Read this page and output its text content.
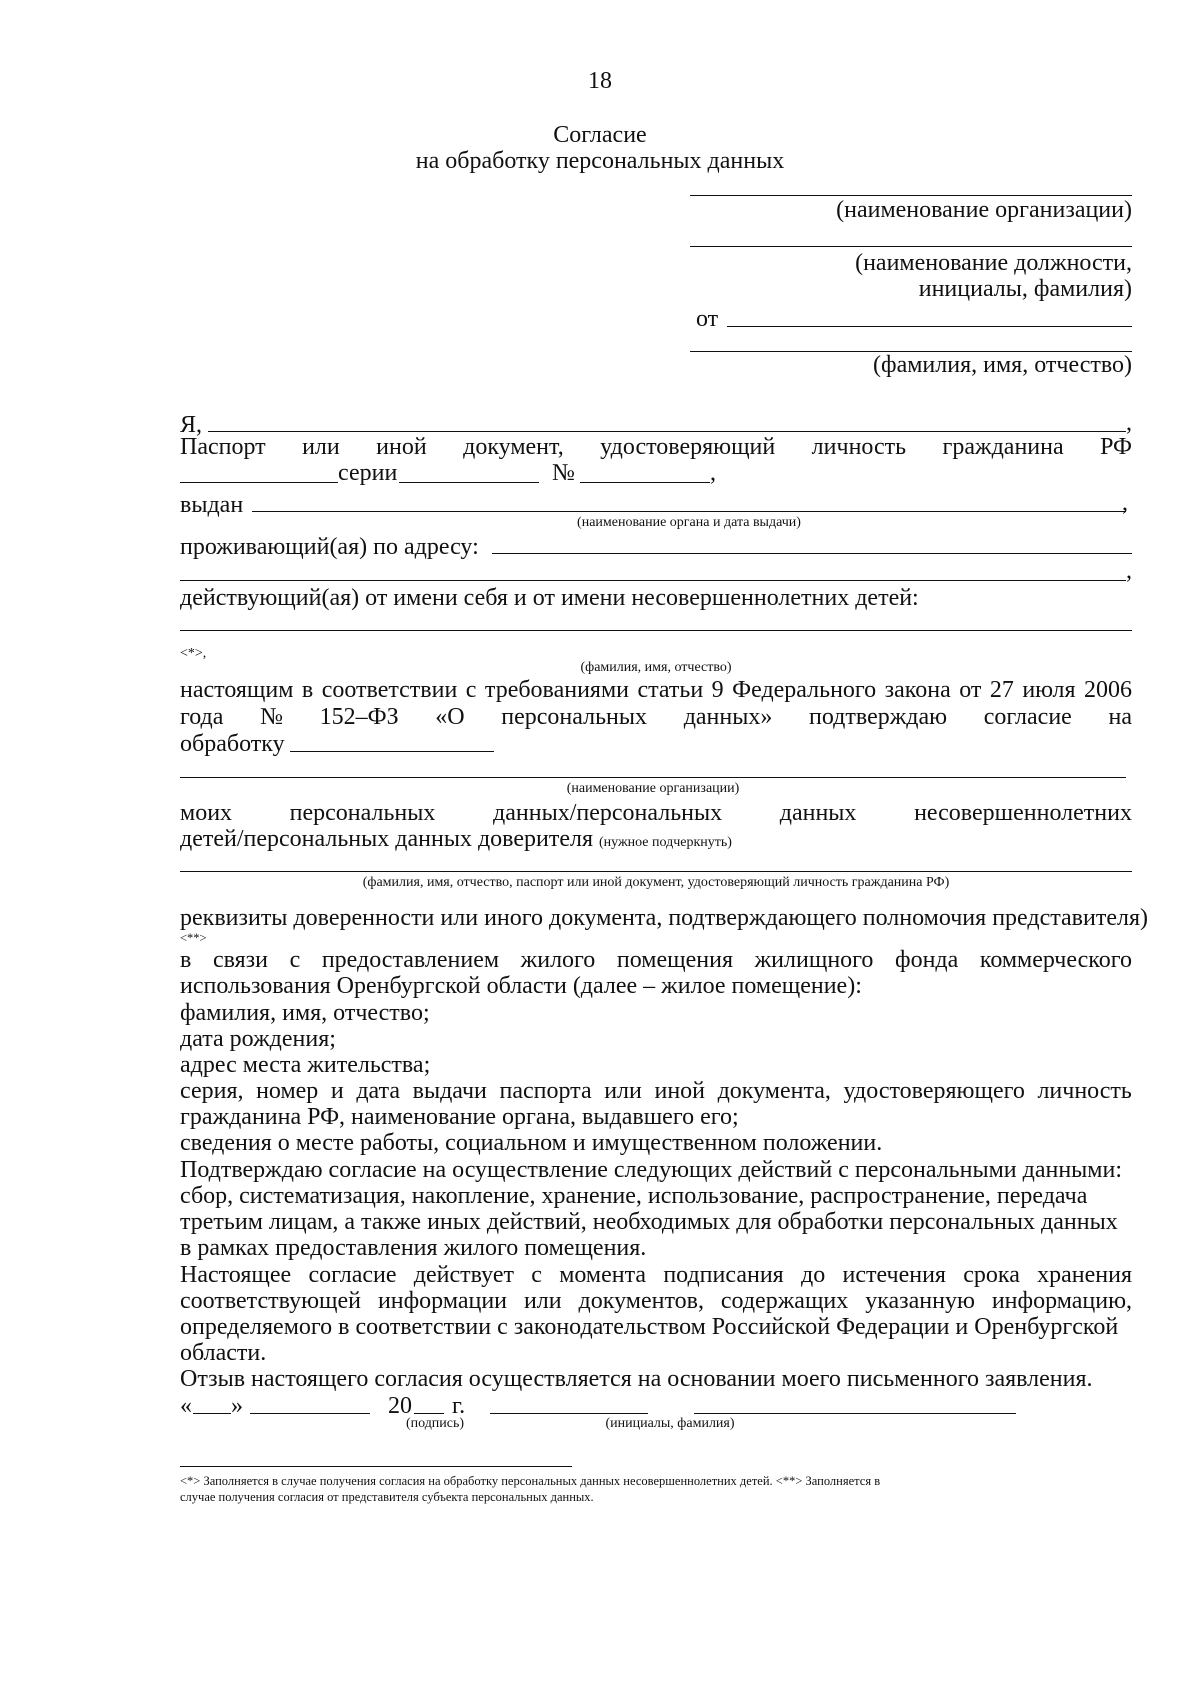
18
Согласие
на обработку персональных данных
(наименование организации)
(наименование должности,
инициалы, фамилия)
от
(фамилия, имя, отчество)
Я,	,
Паспорт или иной документ, удостоверяющий личность гражданина РФ
серии	№	,
выдан	,
(наименование органа и дата выдачи)
проживающий(ая) по адресу:
,
действующий(ая) от имени себя и от имени несовершеннолетних детей:
<*>,
(фамилия, имя, отчество)
настоящим в соответствии с требованиями статьи 9 Федерального закона от 27 июля 2006
года № 152–ФЗ «О персональных данных» подтверждаю согласие на
обработку
(наименование организации)
моих персональных данных/персональных данных несовершеннолетних
детей/персональных данных доверителя (нужное подчеркнуть)
(фамилия, имя, отчество, паспорт или иной документ, удостоверяющий личность гражданина РФ)
реквизиты доверенности или иного документа, подтверждающего полномочия представителя)
<**>
в связи с предоставлением жилого помещения жилищного фонда коммерческого
использования Оренбургской области (далее – жилое помещение):
фамилия, имя, отчество;
дата рождения;
адрес места жительства;
серия, номер и дата выдачи паспорта или иной документа, удостоверяющего личность
гражданина РФ, наименование органа, выдавшего его;
сведения о месте работы, социальном и имущественном положении.
Подтверждаю согласие на осуществление следующих действий с персональными данными:
сбор, систематизация, накопление, хранение, использование, распространение, передача
третьим лицам, а также иных действий, необходимых для обработки персональных данных
в рамках предоставления жилого помещения.
Настоящее согласие действует с момента подписания до истечения срока хранения
соответствующей информации или документов, содержащих указанную информацию,
определяемого в соответствии с законодательством Российской Федерации и Оренбургской
области.
Отзыв настоящего согласия осуществляется на основании моего письменного заявления.
« »	20 г.
(подпись)	(инициалы, фамилия)
<*> Заполняется в случае получения согласия на обработку персональных данных несовершеннолетних детей. <**> Заполняется в
случае получения согласия от представителя субъекта персональных данных.
